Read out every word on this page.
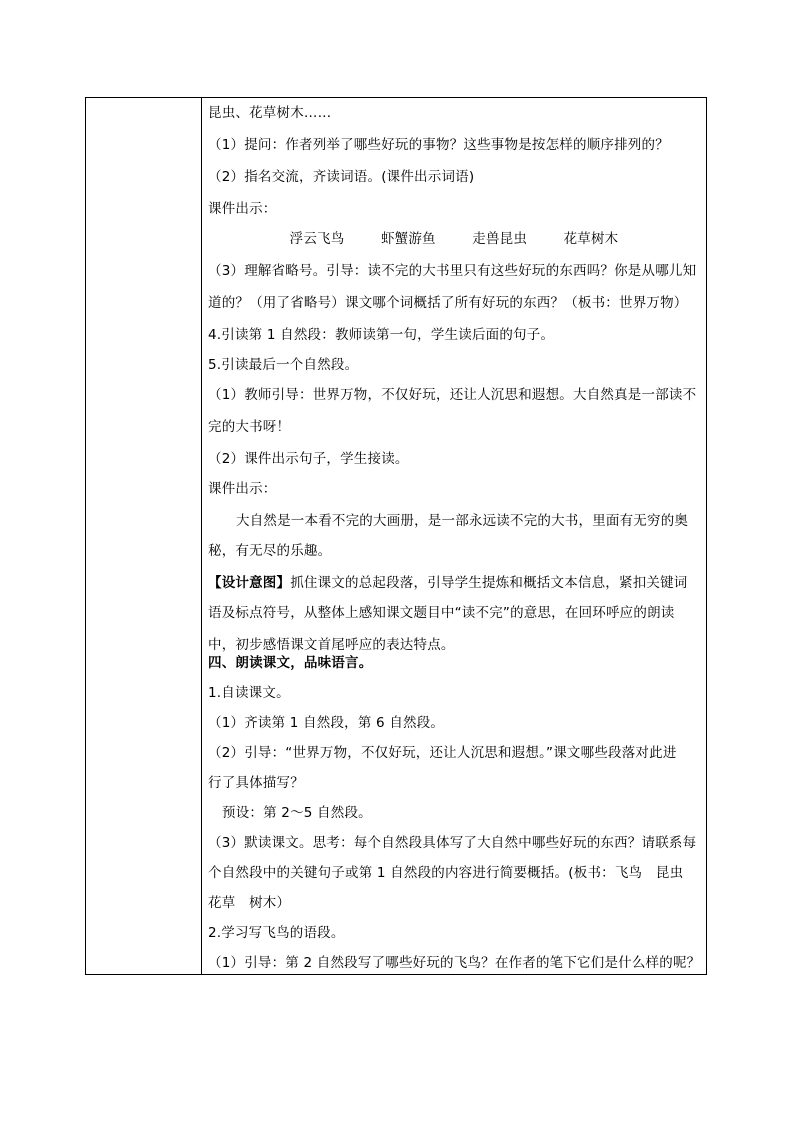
昆虫、花草树木……
（1）提问：作者列举了哪些好玩的事物？这些事物是按怎样的顺序排列的？
（2）指名交流，齐读词语。(课件出示词语)
课件出示：
浮云飞鸟	虾蟹游鱼	走兽昆虫	花草树木
（3）理解省略号。引导：读不完的大书里只有这些好玩的东西吗？你是从哪儿知
道的？（用了省略号）课文哪个词概括了所有好玩的东西？（板书：世界万物）
4.引读第 1 自然段：教师读第一句，学生读后面的句子。
5.引读最后一个自然段。
（1）教师引导：世界万物，不仅好玩，还让人沉思和遐想。大自然真是一部读不
完的大书呀！
（2）课件出示句子，学生接读。
课件出示：
大自然是一本看不完的大画册，是一部永远读不完的大书，里面有无穷的奥
秘，有无尽的乐趣。
【设计意图】抓住课文的总起段落，引导学生提炼和概括文本信息，紧扣关键词
语及标点符号，从整体上感知课文题目中“读不完”的意思，在回环呼应的朗读
中，初步感悟课文首尾呼应的表达特点。
四、朗读课文，品味语言。
1.自读课文。
（1）齐读第 1 自然段，第 6 自然段。
（2）引导：“世界万物，不仅好玩，还让人沉思和遐想。”课文哪些段落对此进
行了具体描写？
预设：第 2～5 自然段。
（3）默读课文。思考：每个自然段具体写了大自然中哪些好玩的东西？请联系每
个自然段中的关键句子或第 1 自然段的内容进行简要概括。(板书：飞鸟　昆虫
花草　树木）
2.学习写飞鸟的语段。
（1）引导：第 2 自然段写了哪些好玩的飞鸟？在作者的笔下它们是什么样的呢？
